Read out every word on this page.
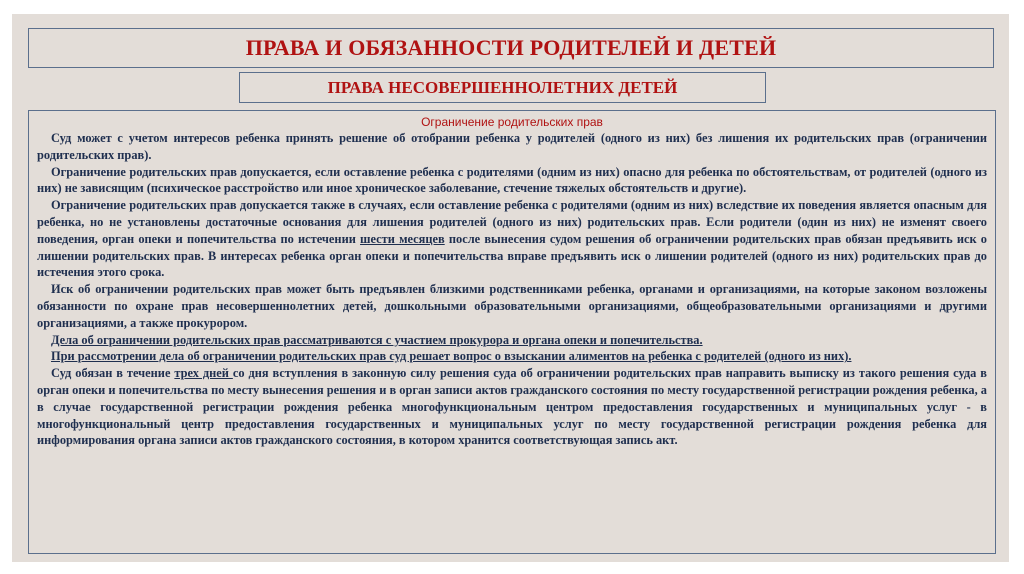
ПРАВА И ОБЯЗАННОСТИ РОДИТЕЛЕЙ И ДЕТЕЙ
ПРАВА НЕСОВЕРШЕННОЛЕТНИХ ДЕТЕЙ

Ограничение родительских прав

Суд может с учетом интересов ребенка принять решение об отобрании ребенка у родителей (одного из них) без лишения их родительских прав (ограничении родительских прав).

Ограничение родительских прав допускается, если оставление ребенка с родителями (одним из них) опасно для ребенка по обстоятельствам, от родителей (одного из них) не зависящим (психическое расстройство или иное хроническое заболевание, стечение тяжелых обстоятельств и другие).

Ограничение родительских прав допускается также в случаях, если оставление ребенка с родителями (одним из них) вследствие их поведения является опасным для ребенка, но не установлены достаточные основания для лишения родителей (одного из них) родительских прав. Если родители (один из них) не изменят своего поведения, орган опеки и попечительства по истечении шести месяцев после вынесения судом решения об ограничении родительских прав обязан предъявить иск о лишении родительских прав. В интересах ребенка орган опеки и попечительства вправе предъявить иск о лишении родителей (одного из них) родительских прав до истечения этого срока.

Иск об ограничении родительских прав может быть предъявлен близкими родственниками ребенка, органами и организациями, на которые законом возложены обязанности по охране прав несовершеннолетних детей, дошкольными образовательными организациями, общеобразовательными организациями и другими организациями, а также прокурором.

Дела об ограничении родительских прав рассматриваются с участием прокурора и органа опеки и попечительства.

При рассмотрении дела об ограничении родительских прав суд решает вопрос о взыскании алиментов на ребенка с родителей (одного из них).

Суд обязан в течение трех дней со дня вступления в законную силу решения суда об ограничении родительских прав направить выписку из такого решения суда в орган опеки и попечительства по месту вынесения решения и в орган записи актов гражданского состояния по месту государственной регистрации рождения ребенка, а в случае государственной регистрации рождения ребенка многофункциональным центром предоставления государственных и муниципальных услуг - в многофункциональный центр предоставления государственных и муниципальных услуг по месту государственной регистрации рождения ребенка для информирования органа записи актов гражданского состояния, в котором хранится соответствующая запись акт.
